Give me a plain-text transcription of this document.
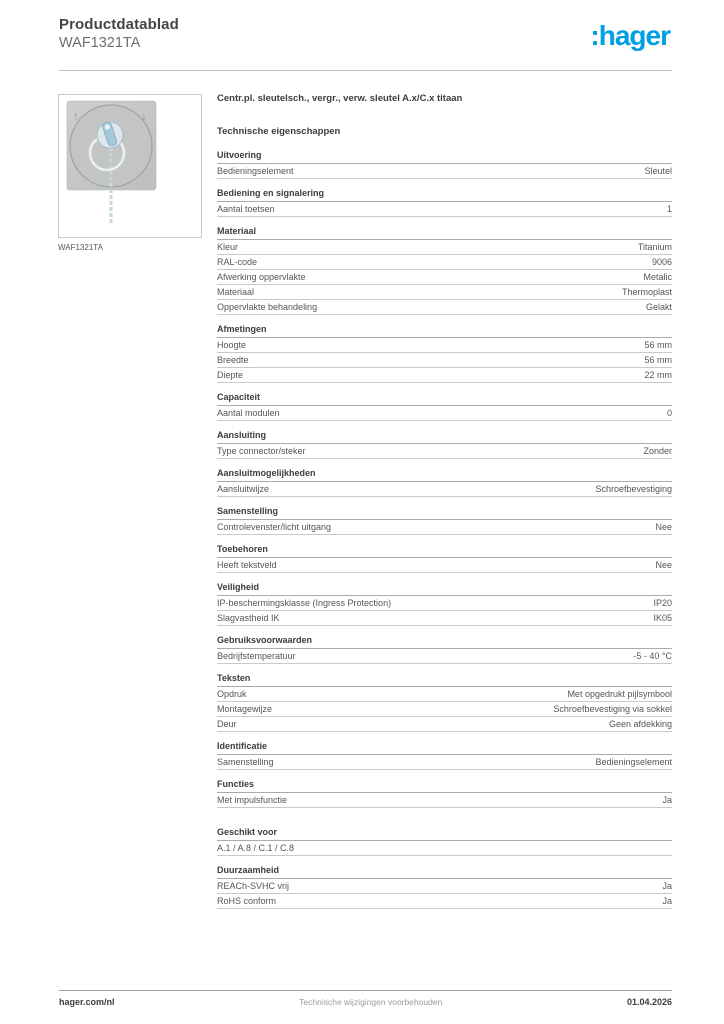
Productdatablad
WAF1321TA	:hager
↑	↓
WAF1321TA
Centr.pl. sleutelsch., vergr., verw. sleutel A.x/C.x titaan
Technische eigenschappen
Uitvoering
Bedieningselement	Sleutel
Bediening en signalering
Aantal toetsen	1
Materiaal
Kleur	Titanium
RAL-code	9006
Afwerking oppervlakte	Metalic
Materiaal	Thermoplast
Oppervlakte behandeling	Gelakt
Afmetingen
Hoogte	56 mm
Breedte	56 mm
Diepte	22 mm
Capaciteit
Aantal modulen	0
Aansluiting
Type connector/steker	Zonder
Aansluitmogelijkheden
Aansluitwijze	Schroefbevestiging
Samenstelling
Controlevenster/licht uitgang	Nee
Toebehoren
Heeft tekstveld	Nee
Veiligheid
IP-beschermingsklasse (Ingress Protection)	IP20
Slagvastheid IK	IK05
Gebruiksvoorwaarden
Bedrijfstemperatuur	-5 - 40 °C
Teksten
Opdruk	Met opgedrukt pijlsymbool
Montagewijze	Schroefbevestiging via sokkel
Deur	Geen afdekking
Identificatie
Samenstelling	Bedieningselement
Functies
Met impulsfunctie	Ja
Geschikt voor
A.1 / A.8 / C.1 / C.8
Duurzaamheid
REACh-SVHC vrij	Ja
RoHS conform	Ja
hager.com/nl	Technische wijzigingen voorbehouden	01.04.2026
